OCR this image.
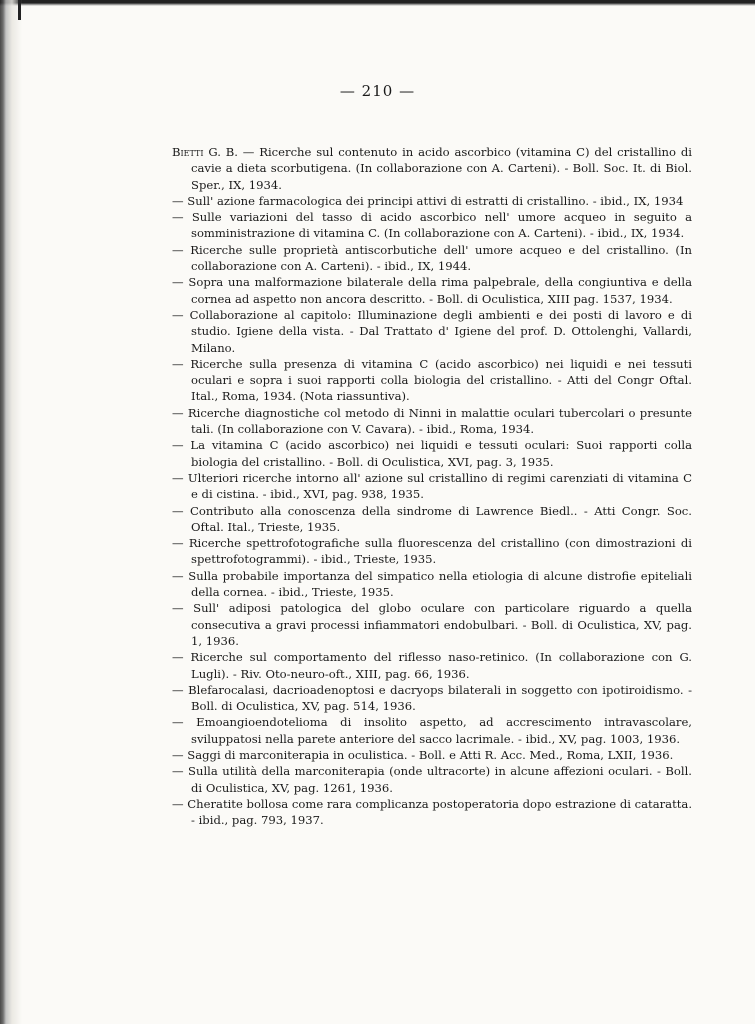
— 210 —

Bietti G. B. — Ricerche sul contenuto in acido ascorbico (vitamina C) del cristallino di cavie a dieta scorbutigena. (In collaborazione con A. Carteni). - Boll. Soc. It. di Biol. Sper., IX, 1934.

— Sull' azione farmacologica dei principi attivi di estratti di cristallino. - ibid., IX, 1934

— Sulle variazioni del tasso di acido ascorbico nell' umore acqueo in seguito a somministrazione di vitamina C. (In collaborazione con A. Carteni). - ibid., IX, 1934.

— Ricerche sulle proprietà antiscorbutiche dell' umore acqueo e del cristallino. (In collaborazione con A. Carteni). - ibid., IX, 1944.

— Sopra una malformazione bilaterale della rima palpebrale, della congiuntiva e della cornea ad aspetto non ancora descritto. - Boll. di Oculistica, XIII pag. 1537, 1934.

— Collaborazione al capitolo: Illuminazione degli ambienti e dei posti di lavoro e di studio. Igiene della vista. - Dal Trattato d' Igiene del prof. D. Ottolenghi, Vallardi, Milano.

— Ricerche sulla presenza di vitamina C (acido ascorbico) nei liquidi e nei tessuti oculari e sopra i suoi rapporti colla biologia del cristallino. - Atti del Congr Oftal. Ital., Roma, 1934. (Nota riassuntiva).

— Ricerche diagnostiche col metodo di Ninni in malattie oculari tubercolari o presunte tali. (In collaborazione con V. Cavara). - ibid., Roma, 1934.

— La vitamina C (acido ascorbico) nei liquidi e tessuti oculari: Suoi rapporti colla biologia del cristallino. - Boll. di Oculistica, XVI, pag. 3, 1935.

— Ulteriori ricerche intorno all' azione sul cristallino di regimi carenziati di vitamina C e di cistina. - ibid., XVI, pag. 938, 1935.

— Contributo alla conoscenza della sindrome di Lawrence Biedl.. - Atti Congr. Soc. Oftal. Ital., Trieste, 1935.

— Ricerche spettrofotografiche sulla fluorescenza del cristallino (con dimostrazioni di spettrofotogrammi). - ibid., Trieste, 1935.

— Sulla probabile importanza del simpatico nella etiologia di alcune distrofie epiteliali della cornea. - ibid., Trieste, 1935.

— Sull' adiposi patologica del globo oculare con particolare riguardo a quella consecutiva a gravi processi infiammatori endobulbari. - Boll. di Oculistica, XV, pag. 1, 1936.

— Ricerche sul comportamento del riflesso naso-retinico. (In collaborazione con G. Lugli). - Riv. Oto-neuro-oft., XIII, pag. 66, 1936.

— Blefarocalasi, dacrioadenoptosi e dacryops bilaterali in soggetto con ipotiroidismo. - Boll. di Oculistica, XV, pag. 514, 1936.

— Emoangioendotelioma di insolito aspetto, ad accrescimento intravascolare, sviluppatosi nella parete anteriore del sacco lacrimale. - ibid., XV, pag. 1003, 1936.

— Saggi di marconiterapia in oculistica. - Boll. e Atti R. Acc. Med., Roma, LXII, 1936.

— Sulla utilità della marconiterapia (onde ultracorte) in alcune affezioni oculari. - Boll. di Oculistica, XV, pag. 1261, 1936.

— Cheratite bollosa come rara complicanza postoperatoria dopo estrazione di cataratta. - ibid., pag. 793, 1937.
